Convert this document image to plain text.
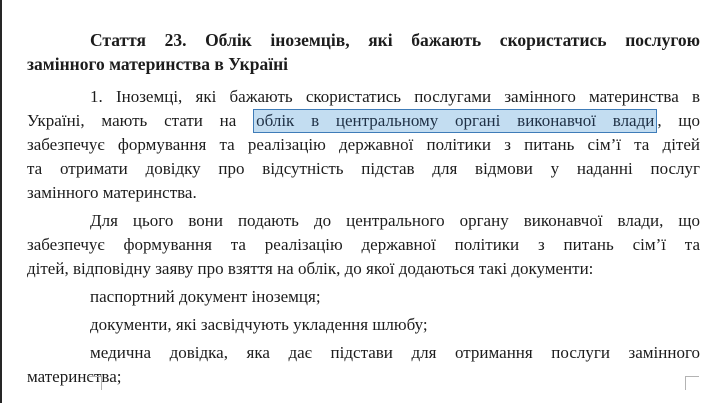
Стаття 23. Облік іноземців, які бажають скористатись послугою
замінного материнства в Україні
1. Іноземці, які бажають скористатись послугами замінного материнства в
Україні, мають стати на облік в центральному органі виконавчої влади , що
забезпечує формування та реалізацію державної політики з питань сім’ї та дітей
та отримати довідку про відсутність підстав для відмови у наданні послуг
замінного материнства.
Для цього вони подають до центрального органу виконавчої влади, що
забезпечує формування та реалізацію державної політики з питань сім’ї та
дітей, відповідну заяву про взяття на облік, до якої додаються такі документи:
паспортний документ іноземця;
документи, які засвідчують укладення шлюбу;
медична довідка, яка дає підстави для отримання послуги замінного
материнства;
